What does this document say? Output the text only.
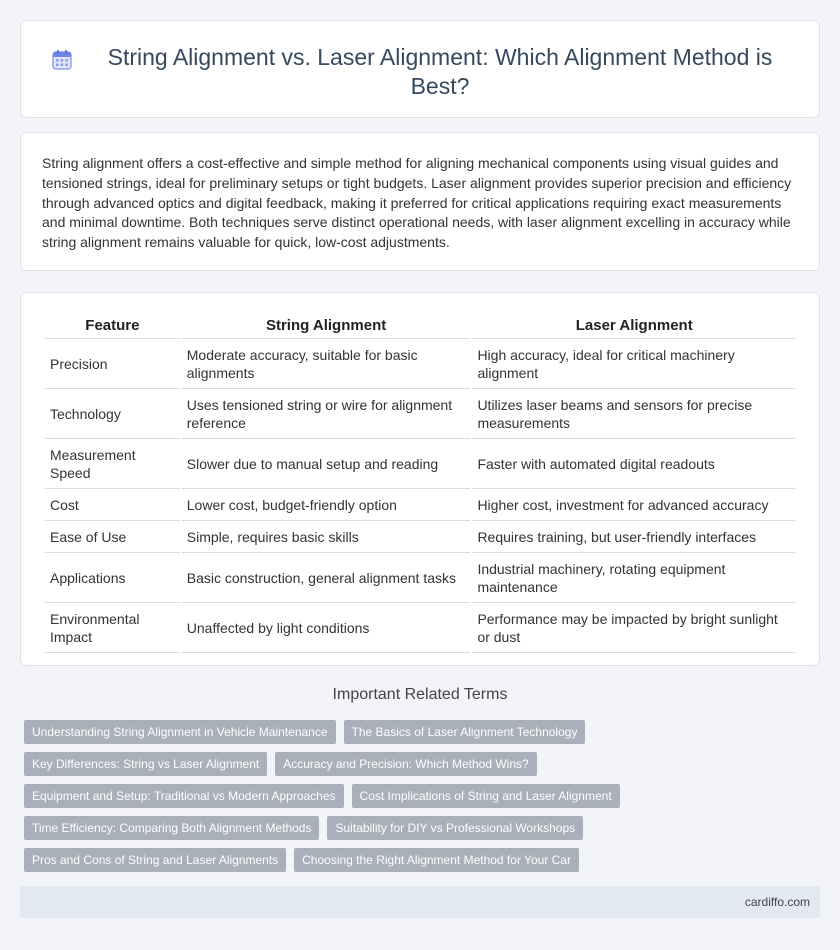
String Alignment vs. Laser Alignment: Which Alignment Method is Best?

String alignment offers a cost-effective and simple method for aligning mechanical components using visual guides and tensioned strings, ideal for preliminary setups or tight budgets. Laser alignment provides superior precision and efficiency through advanced optics and digital feedback, making it preferred for critical applications requiring exact measurements and minimal downtime. Both techniques serve distinct operational needs, with laser alignment excelling in accuracy while string alignment remains valuable for quick, low-cost adjustments.

Feature	String Alignment	Laser Alignment
Precision	Moderate accuracy, suitable for basic alignments	High accuracy, ideal for critical machinery alignment
Technology	Uses tensioned string or wire for alignment reference	Utilizes laser beams and sensors for precise measurements
Measurement Speed	Slower due to manual setup and reading	Faster with automated digital readouts
Cost	Lower cost, budget-friendly option	Higher cost, investment for advanced accuracy
Ease of Use	Simple, requires basic skills	Requires training, but user-friendly interfaces
Applications	Basic construction, general alignment tasks	Industrial machinery, rotating equipment maintenance
Environmental Impact	Unaffected by light conditions	Performance may be impacted by bright sunlight or dust
Important Related Terms
Understanding String Alignment in Vehicle Maintenance	The Basics of Laser Alignment Technology
Key Differences: String vs Laser Alignment	Accuracy and Precision: Which Method Wins?
Equipment and Setup: Traditional vs Modern Approaches	Cost Implications of String and Laser Alignment
Time Efficiency: Comparing Both Alignment Methods	Suitability for DIY vs Professional Workshops
Pros and Cons of String and Laser Alignments	Choosing the Right Alignment Method for Your Car
cardiffo.com
